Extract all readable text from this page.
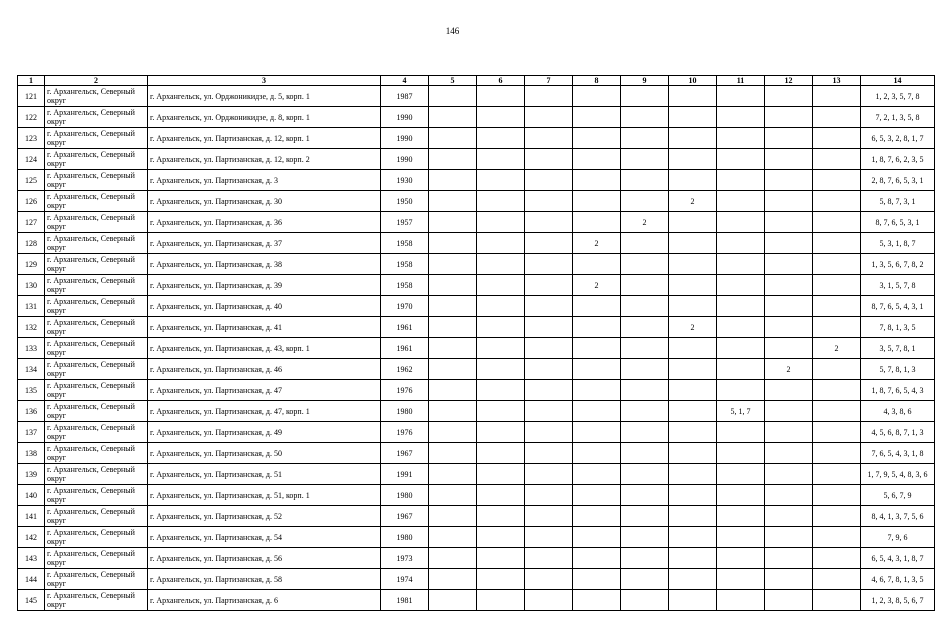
146
1	2	3	4	5	6	7	8	9	10	11	12	13	14
121	г. Архангельск, Северный округ	г. Архангельск, ул. Орджоникидзе, д. 5, корп. 1	1987										1, 2, 3, 5, 7, 8
122	г. Архангельск, Северный округ	г. Архангельск, ул. Орджоникидзе, д. 8, корп. 1	1990										7, 2, 1, 3, 5, 8
123	г. Архангельск, Северный округ	г. Архангельск, ул. Партизанская, д. 12, корп. 1	1990										6, 5, 3, 2, 8, 1, 7
124	г. Архангельск, Северный округ	г. Архангельск, ул. Партизанская, д. 12, корп. 2	1990										1, 8, 7, 6, 2, 3, 5
125	г. Архангельск, Северный округ	г. Архангельск, ул. Партизанская, д. 3	1930										2, 8, 7, 6, 5, 3, 1
126	г. Архангельск, Северный округ	г. Архангельск, ул. Партизанская, д. 30	1950						2				5, 8, 7, 3, 1
127	г. Архангельск, Северный округ	г. Архангельск, ул. Партизанская, д. 36	1957					2					8, 7, 6, 5, 3, 1
128	г. Архангельск, Северный округ	г. Архангельск, ул. Партизанская, д. 37	1958				2						5, 3, 1, 8, 7
129	г. Архангельск, Северный округ	г. Архангельск, ул. Партизанская, д. 38	1958										1, 3, 5, 6, 7, 8, 2
130	г. Архангельск, Северный округ	г. Архангельск, ул. Партизанская, д. 39	1958				2						3, 1, 5, 7, 8
131	г. Архангельск, Северный округ	г. Архангельск, ул. Партизанская, д. 40	1970										8, 7, 6, 5, 4, 3, 1
132	г. Архангельск, Северный округ	г. Архангельск, ул. Партизанская, д. 41	1961						2				7, 8, 1, 3, 5
133	г. Архангельск, Северный округ	г. Архангельск, ул. Партизанская, д. 43, корп. 1	1961									2	3, 5, 7, 8, 1
134	г. Архангельск, Северный округ	г. Архангельск, ул. Партизанская, д. 46	1962								2		5, 7, 8, 1, 3
135	г. Архангельск, Северный округ	г. Архангельск, ул. Партизанская, д. 47	1976										1, 8, 7, 6, 5, 4, 3
136	г. Архангельск, Северный округ	г. Архангельск, ул. Партизанская, д. 47, корп. 1	1980							5, 1, 7			4, 3, 8, 6
137	г. Архангельск, Северный округ	г. Архангельск, ул. Партизанская, д. 49	1976										4, 5, 6, 8, 7, 1, 3
138	г. Архангельск, Северный округ	г. Архангельск, ул. Партизанская, д. 50	1967										7, 6, 5, 4, 3, 1, 8
139	г. Архангельск, Северный округ	г. Архангельск, ул. Партизанская, д. 51	1991										1, 7, 9, 5, 4, 8, 3, 6
140	г. Архангельск, Северный округ	г. Архангельск, ул. Партизанская, д. 51, корп. 1	1980										5, 6, 7, 9
141	г. Архангельск, Северный округ	г. Архангельск, ул. Партизанская, д. 52	1967										8, 4, 1, 3, 7, 5, 6
142	г. Архангельск, Северный округ	г. Архангельск, ул. Партизанская, д. 54	1980										7, 9, 6
143	г. Архангельск, Северный округ	г. Архангельск, ул. Партизанская, д. 56	1973										6, 5, 4, 3, 1, 8, 7
144	г. Архангельск, Северный округ	г. Архангельск, ул. Партизанская, д. 58	1974										4, 6, 7, 8, 1, 3, 5
145	г. Архангельск, Северный округ	г. Архангельск, ул. Партизанская, д. 6	1981										1, 2, 3, 8, 5, 6, 7
